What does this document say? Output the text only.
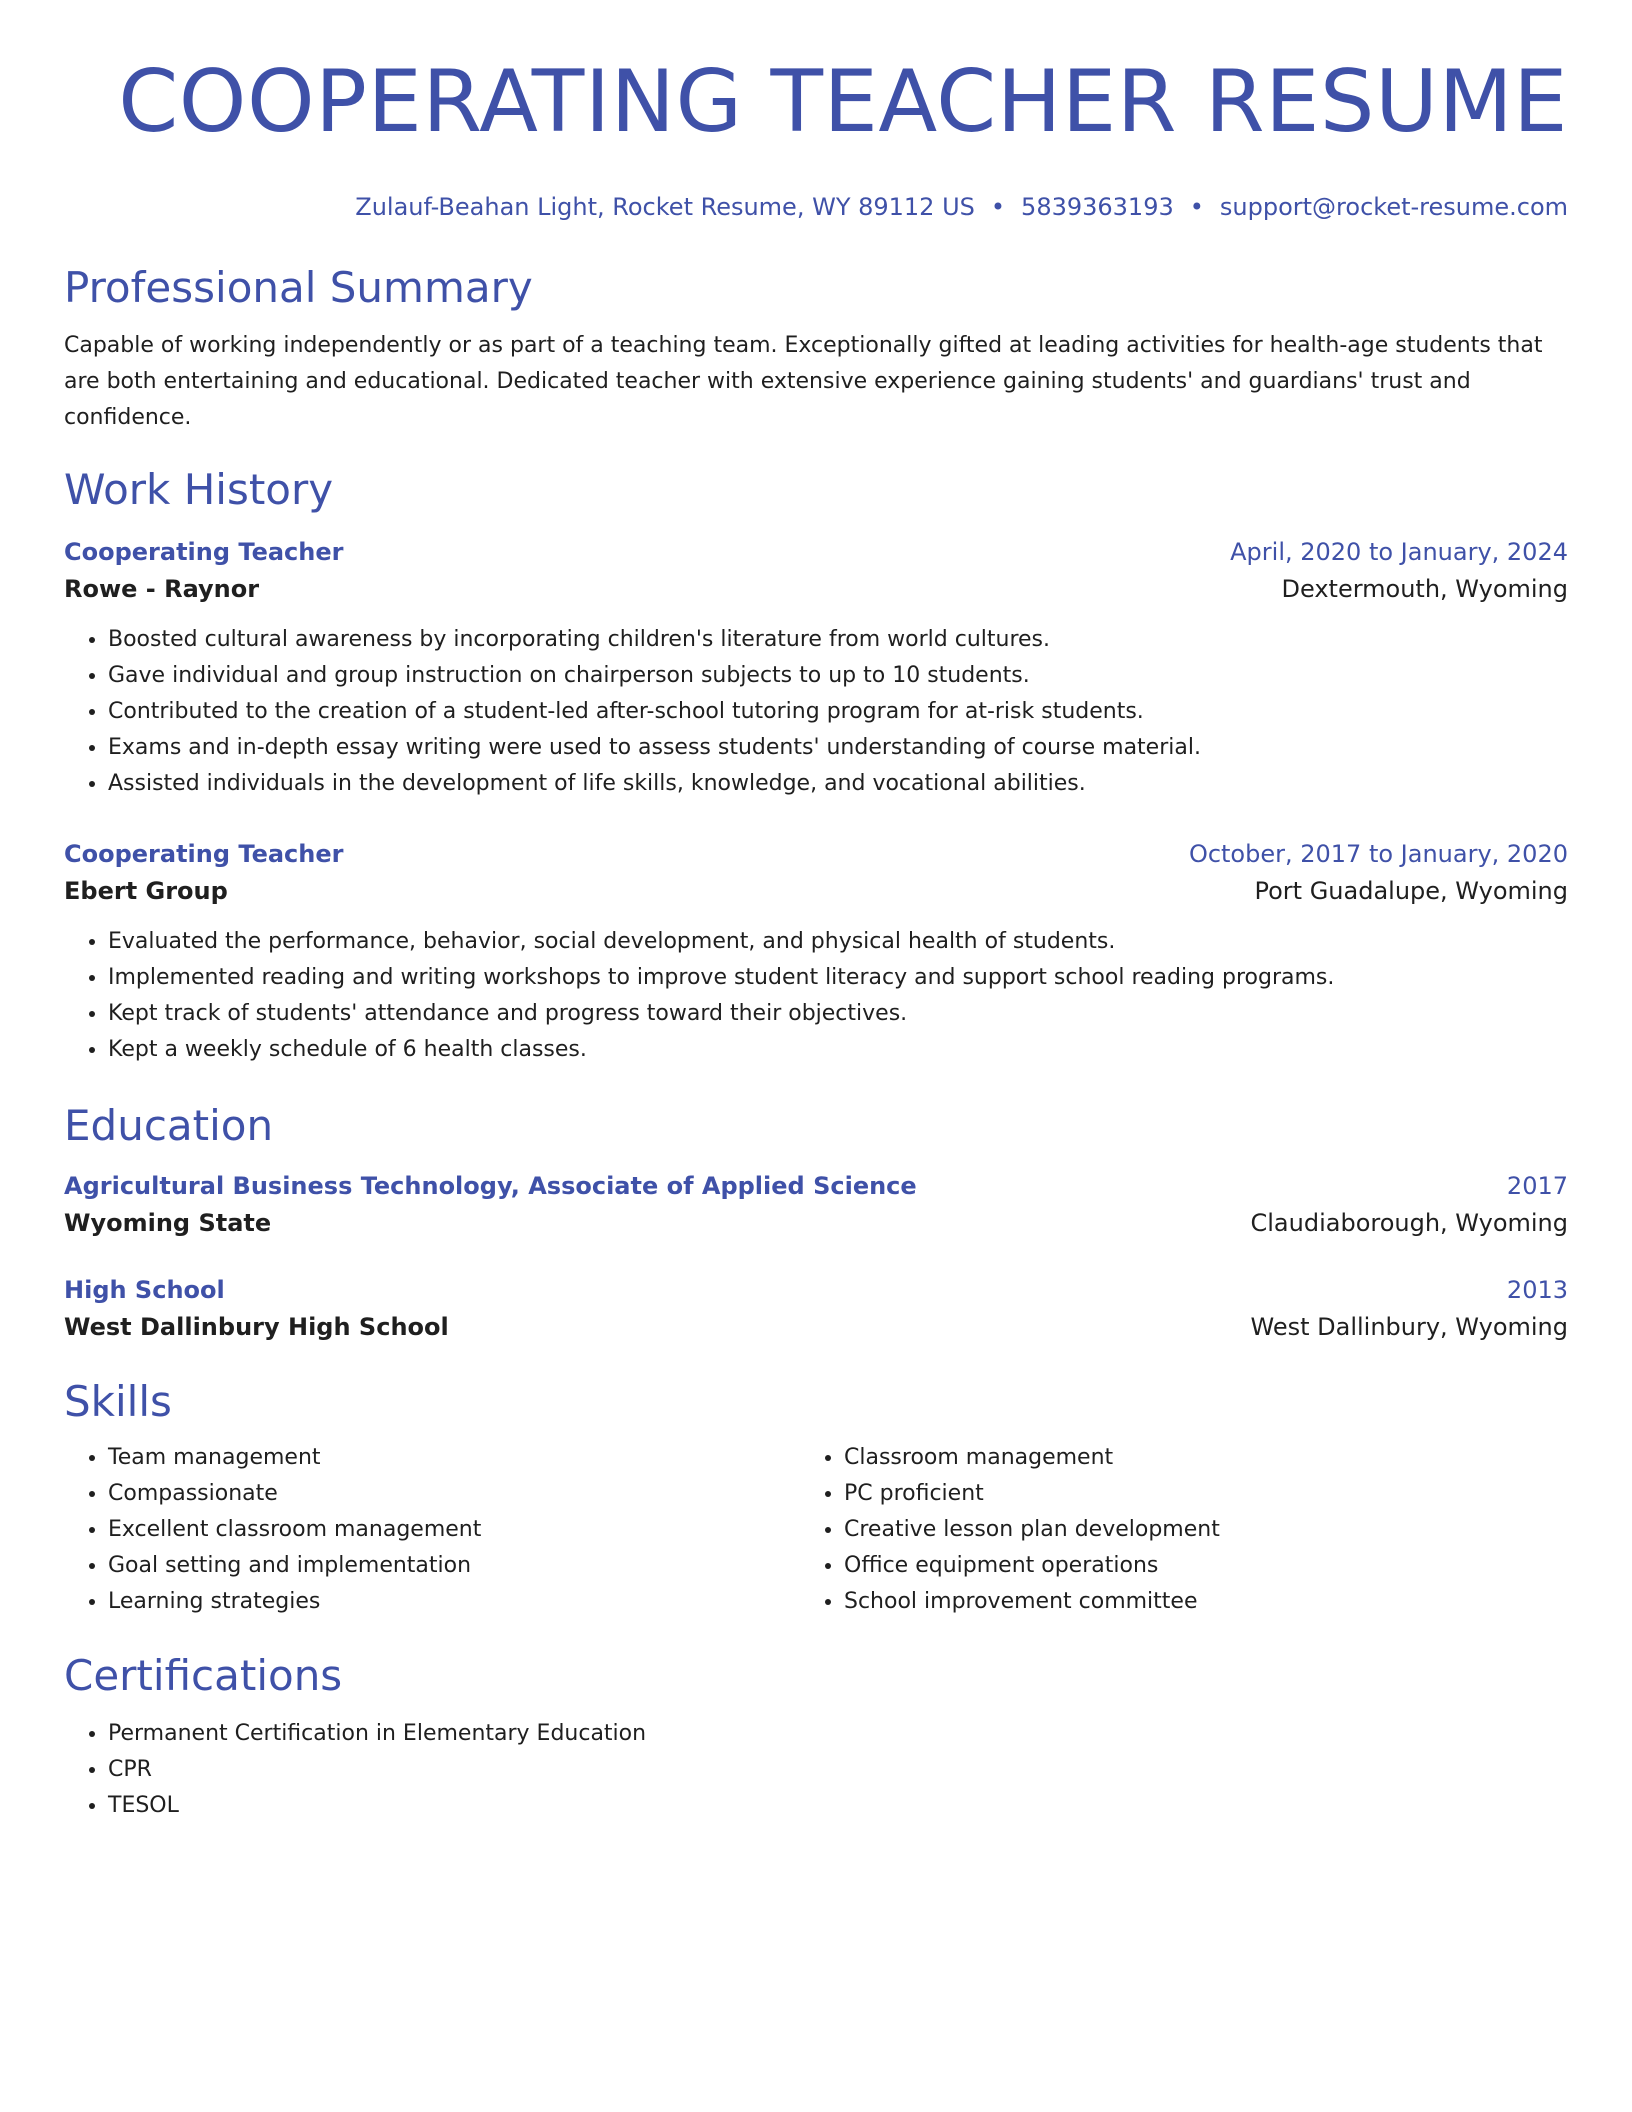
COOPERATING TEACHER RESUME
Zulauf-Beahan Light, Rocket Resume, WY 89112 US • 5839363193 • support@rocket-resume.com
Professional Summary
Capable of working independently or as part of a teaching team. Exceptionally gifted at leading activities for health-age students that are both entertaining and educational. Dedicated teacher with extensive experience gaining students' and guardians' trust and confidence.
Work History
Cooperating Teacher	April, 2020 to January, 2024
Rowe - Raynor	Dextermouth, Wyoming
• Boosted cultural awareness by incorporating children's literature from world cultures.
• Gave individual and group instruction on chairperson subjects to up to 10 students.
• Contributed to the creation of a student-led after-school tutoring program for at-risk students.
• Exams and in-depth essay writing were used to assess students' understanding of course material.
• Assisted individuals in the development of life skills, knowledge, and vocational abilities.
Cooperating Teacher	October, 2017 to January, 2020
Ebert Group	Port Guadalupe, Wyoming
• Evaluated the performance, behavior, social development, and physical health of students.
• Implemented reading and writing workshops to improve student literacy and support school reading programs.
• Kept track of students' attendance and progress toward their objectives.
• Kept a weekly schedule of 6 health classes.
Education
Agricultural Business Technology, Associate of Applied Science	2017
Wyoming State	Claudiaborough, Wyoming
High School	2013
West Dallinbury High School	West Dallinbury, Wyoming
Skills
• Team management
• Compassionate
• Excellent classroom management
• Goal setting and implementation
• Learning strategies
• Classroom management
• PC proficient
• Creative lesson plan development
• Office equipment operations
• School improvement committee
Certifications
• Permanent Certification in Elementary Education
• CPR
• TESOL
